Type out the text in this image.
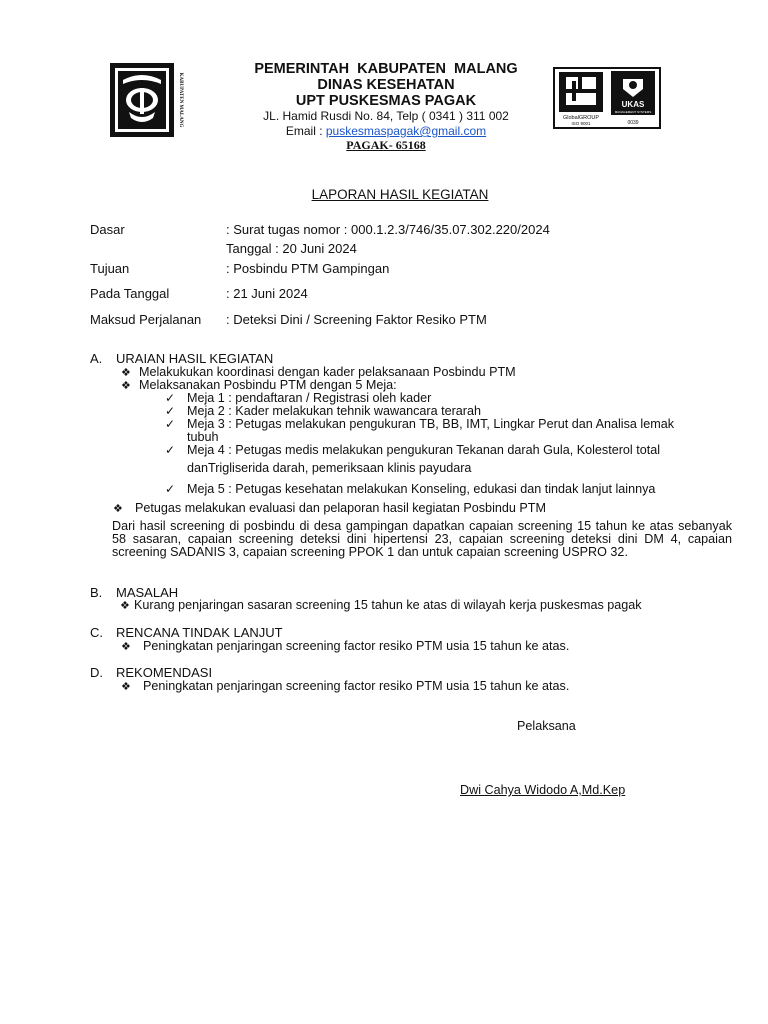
KABUPATEN MALANG
PEMERINTAH KABUPATEN MALANG
DINAS KESEHATAN
UPT PUSKESMAS PAGAK
JL. Hamid Rusdi No. 84, Telp ( 0341 ) 311 002
Email : puskesmaspagak@gmail.com
PAGAK- 65168
GlobalGROUP
ISO 9001
UKAS
MANAGEMENT SYSTEMS
0039
LAPORAN HASIL KEGIATAN
Dasar	: Surat tugas nomor : 000.1.2.3/746/35.07.302.220/2024
Tanggal : 20 Juni 2024
Tujuan	: Posbindu PTM Gampingan
Pada Tanggal	: 21 Juni 2024
Maksud Perjalanan : Deteksi Dini / Screening Faktor Resiko PTM
A. URAIAN HASIL KEGIATAN
❖ Melakukukan koordinasi dengan kader pelaksanaan Posbindu PTM
❖ Melaksanakan Posbindu PTM dengan 5 Meja:
✓ Meja 1 : pendaftaran / Registrasi oleh kader
✓ Meja 2 : Kader melakukan tehnik wawancara terarah
✓ Meja 3 : Petugas melakukan pengukuran TB, BB, IMT, Lingkar Perut dan Analisa lemak
tubuh
✓ Meja 4 : Petugas medis melakukan pengukuran Tekanan darah Gula, Kolesterol total
danTrigliserida darah, pemeriksaan klinis payudara
✓ Meja 5 : Petugas kesehatan melakukan Konseling, edukasi dan tindak lanjut lainnya
❖ Petugas melakukan evaluasi dan pelaporan hasil kegiatan Posbindu PTM
Dari hasil screening di posbindu di desa gampingan dapatkan capaian screening 15 tahun ke atas sebanyak 58 sasaran, capaian screening deteksi dini hipertensi 23, capaian screening deteksi dini DM 4, capaian screening SADANIS 3, capaian screening PPOK 1 dan untuk capaian screening USPRO 32.
B. MASALAH
❖ Kurang penjaringan sasaran screening 15 tahun ke atas di wilayah kerja puskesmas pagak
C. RENCANA TINDAK LANJUT
❖ Peningkatan penjaringan screening factor resiko PTM usia 15 tahun ke atas.
D. REKOMENDASI
❖ Peningkatan penjaringan screening factor resiko PTM usia 15 tahun ke atas.
Pelaksana
Dwi Cahya Widodo A,Md.Kep
